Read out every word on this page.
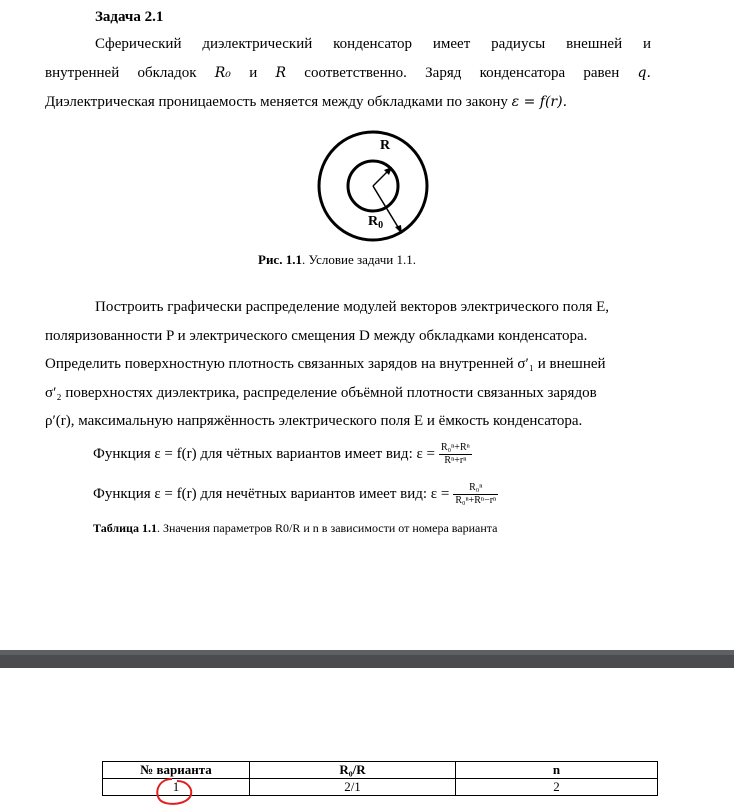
Задача 2.1
Сферический диэлектрический конденсатор имеет радиусы внешней и
внутренней обкладок R₀ и R соответственно. Заряд конденсатора равен q.
Диэлектрическая проницаемость меняется между обкладками по закону ε = f(r).
R
$R_0$
Рис. 1.1. Условие задачи 1.1.
Построить графически распределение модулей векторов электрического поля E,
поляризованности P и электрического смещения D между обкладками конденсатора.
Определить поверхностную плотность связанных зарядов на внутренней σ′₁ и внешней
σ′₂ поверхностях диэлектрика, распределение объёмной плотности связанных зарядов
ρ′(r), максимальную напряжённость электрического поля E и ёмкость конденсатора.
Функция ε = f(r) для чётных вариантов имеет вид: $\varepsilon = \frac{\text{R₀ⁿ+Rⁿ}}{\text{Rⁿ+rⁿ}}$
Функция ε = f(r) для нечётных вариантов имеет вид: $\varepsilon = \frac{\text{R₀ⁿ}}{\text{R₀ⁿ+Rⁿ−rⁿ}}$
Таблица 1.1. Значения параметров R0/R и n в зависимости от номера варианта
№ варианта	R₀/R	n
1	2/1	2
